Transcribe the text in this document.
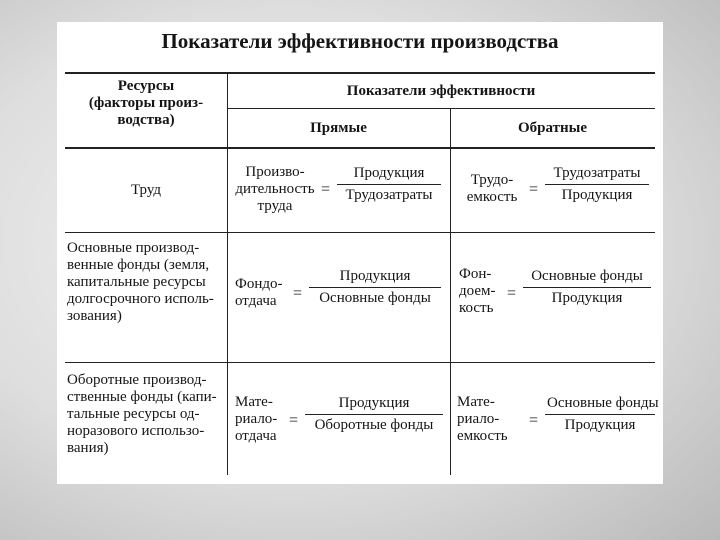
Показатели эффективности производства
Ресурсы
(факторы произ-
водства)
Показатели эффективности
Прямые	Обратные
Труд
Произво-
дительность
труда
=
Продукция
Трудозатраты
Трудо-
емкость =
Трудозатраты
Продукция
Основные производ-
венные фонды (земля,
капитальные ресурсы
долгосрочного исполь-
зования)
Фондо-
отдача	=
Продукция
Основные фонды
Фон-
доем-
кость
=
Основные фонды
Продукция
Оборотные производ-
ственные фонды (капи-
тальные ресурсы од-
норазового использо-
вания)
Мате-
риало-
отдача
=
Продукция
Оборотные фонды
Мате-
риало-
емкость
=
Основные фонды
Продукция
